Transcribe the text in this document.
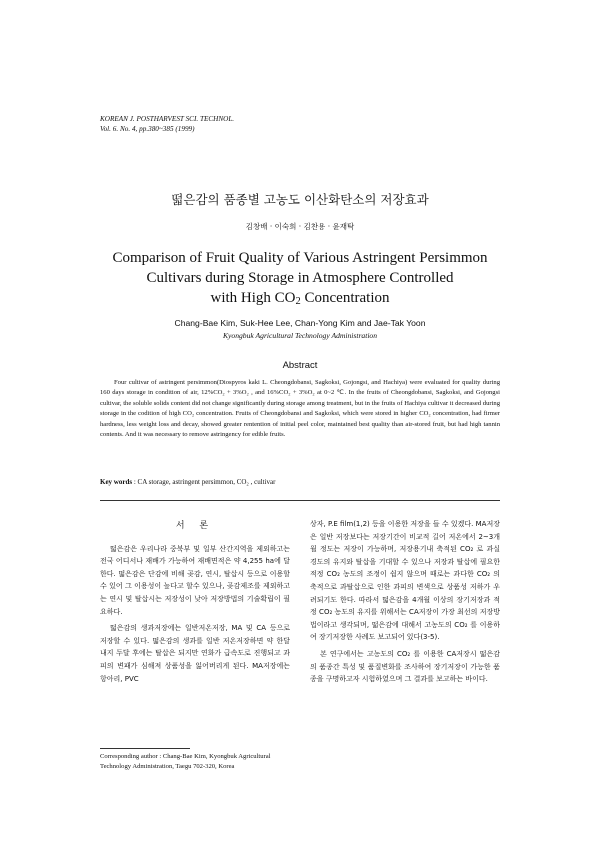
KOREAN J. POSTHARVEST SCI. TECHNOL.
Vol. 6. No. 4, pp.380~385 (1999)
떫은감의 품종별 고농도 이산화탄소의 저장효과
김창배 · 이숙희 · 김찬용 · 윤재탁
Comparison of Fruit Quality of Various Astringent Persimmon
Cultivars during Storage in Atmosphere Controlled
with High $CO_2$ Concentration
Chang-Bae Kim, Suk-Hee Lee, Chan-Yong Kim and Jae-Tak Yoon
Kyongbuk Agricultural Technology Administration
Abstract
Four cultivar of astringent persimmon(Diospyros kaki L. Cheongdobansi, Sagkoksi, Gojongsi, and Hachiya) were evaluated for quality during 160 days storage in condition of air, 12%CO₂ + 3%O₂ , and 16%CO₂ + 3%O₂ at 0~2 ℃. In the fruits of Cheongdobansi, Sagkoksi, and Gojongsi cultivar, the soluble solids content did not change significantly during storage among treatment, but in the fruits of Hachiya cultivar it decreased during storage in the codition of high CO₂ concentration. Fruits of Cheongdobansi and Sagkoksi, which were stored in higher CO₂ concentration, had firmer hardness, less weight loss and decay, showed greater rentention of initial peel color, maintained best quality than air-stored fruit, but had high tannin contents. And it was necessary to remove astringency for edible fruits.
Key words : CA storage, astringent persimmon, CO₂ , cultivar
서 론

떫은감은 우리나라 중북부 및 일부 산간지역을 제외하고는 전국 어디서나 재배가 가능하여 재배면적은 약 4,255 ha에 달한다. 떫은감은 단감에 비해 곶감, 연시, 탈삽시 등으로 이용할 수 있어 그 이용성이 높다고 할수 있으나, 곶감제조를 제외하고는 연시 및 탈삽시는 저장성이 낮아 저장방법의 기술확립이 필요하다.

떫은감의 생과저장에는 일반저온저장, MA 및 CA 등으로 저장할 수 있다. 떫은감의 생과를 일반 저온저장하면 약 한달 내지 두달 후에는 탈삽은 되지만 연화가 급속도로 진행되고 과피의 변패가 심해져 상품성을 잃어버리게 된다. MA저장에는 항아리, PVC

상자, P.E film(1,2) 등을 이용한 저장을 들 수 있겠다. MA저장은 일반 저장보다는 저장기간이 비교적 길어 저온에서 2~3개월 정도는 저장이 가능하며, 저장용기내 축적된 CO₂ 로 과실 경도의 유지와 탈삽을 기대할 수 있으나 저장과 탈삽에 필요한 적정 CO₂ 농도의 조정이 쉽지 않으며 때로는 과다한 CO₂ 의 축적으로 과탈삽으로 인한 과피의 변색으로 상품성 저하가 우려되기도 한다. 따라서 떫은감을 4개월 이상의 장기저장과 적정 CO₂ 농도의 유지를 위해서는 CA저장이 가장 최선의 저장방법이라고 생각되며, 떫은감에 대해서 고농도의 CO₂ 를 이용하여 장기저장한 사례도 보고되어 있다(3-5).

본 연구에서는 고농도의 CO₂ 를 이용한 CA저장시 떫은감의 품종간 특성 및 품질변화를 조사하여 장기저장이 가능한 품종을 구명하고자 시험하였으며 그 결과를 보고하는 바이다.

Corresponding author : Chang-Bae Kim, Kyongbuk Agricultural
Technology Administration, Taegu 702-320, Korea
